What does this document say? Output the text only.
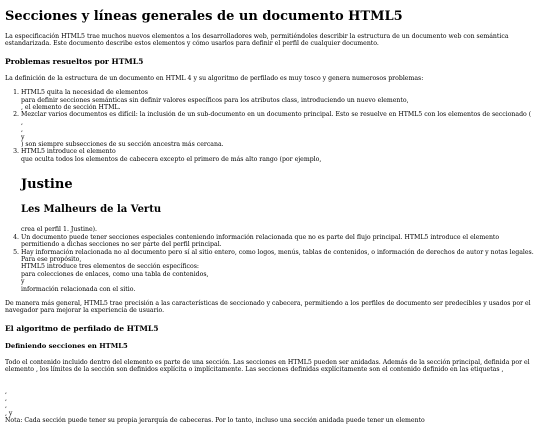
Secciones y líneas generales de un documento HTML5

La especificación HTML5 trae muchos nuevos elementos a los desarrolladores web, permitiéndoles describir la estructura de un documento web con semántica estandarizada. Este documento describe estos elementos y cómo usarlos para definir el perfil de cualquier documento.

Problemas resueltos por HTML5

La definición de la estructura de un documento en HTML 4 y su algoritmo de perfilado es muy tosco y genera numerosos problemas:

1. HTML5 quita la necesidad de elementos
para definir secciones semánticas sin definir valores específicos para los atributos class, introduciendo un nuevo elemento,
, el elemento de sección HTML.
2. Mezclar varios documentos es difícil: la inclusión de un sub-documento en un documento principal. Esto se resuelve en HTML5 con los elementos de seccionado (
,
,
y
) son siempre subsecciones de su sección ancestra más cercana.
3. HTML5 introduce el elemento
que oculta todos los elementos de cabecera excepto el primero de más alto rango (por ejemplo,
Justine
Les Malheurs de la Vertu
crea el perfil 1. Justine).
4. Un documento puede tener secciones especiales conteniendo información relacionada que no es parte del flujo principal. HTML5 introduce el elemento
permitiendo a dichas secciones no ser parte del perfil principal.
5. Hay información relacionada no al documento pero sí al sitio entero, como logos, menús, tablas de contenidos, o información de derechos de autor y notas legales. Para ese propósito,
HTML5 introduce tres elementos de sección específicos:
para colecciones de enlaces, como una tabla de contenidos,
y
información relacionada con el sitio.

De manera más general, HTML5 trae precisión a las características de seccionado y cabecera, permitiendo a los perfiles de documento ser predecibles y usados por el navegador para mejorar la experiencia de usuario.

El algoritmo de perfilado de HTML5
Definiendo secciones en HTML5

Todo el contenido incluido dentro del elemento es parte de una sección. Las secciones en HTML5 pueden ser anidadas. Además de la sección principal, definida por el elemento , los límites de la sección son definidos explícita o implícitamente. Las secciones definidas explícitamente son el contenido definido en las etiquetas ,

,
,
,
, y
Nota: Cada sección puede tener su propia jerarquía de cabeceras. Por lo tanto, incluso una sección anidada puede tener un elemento
